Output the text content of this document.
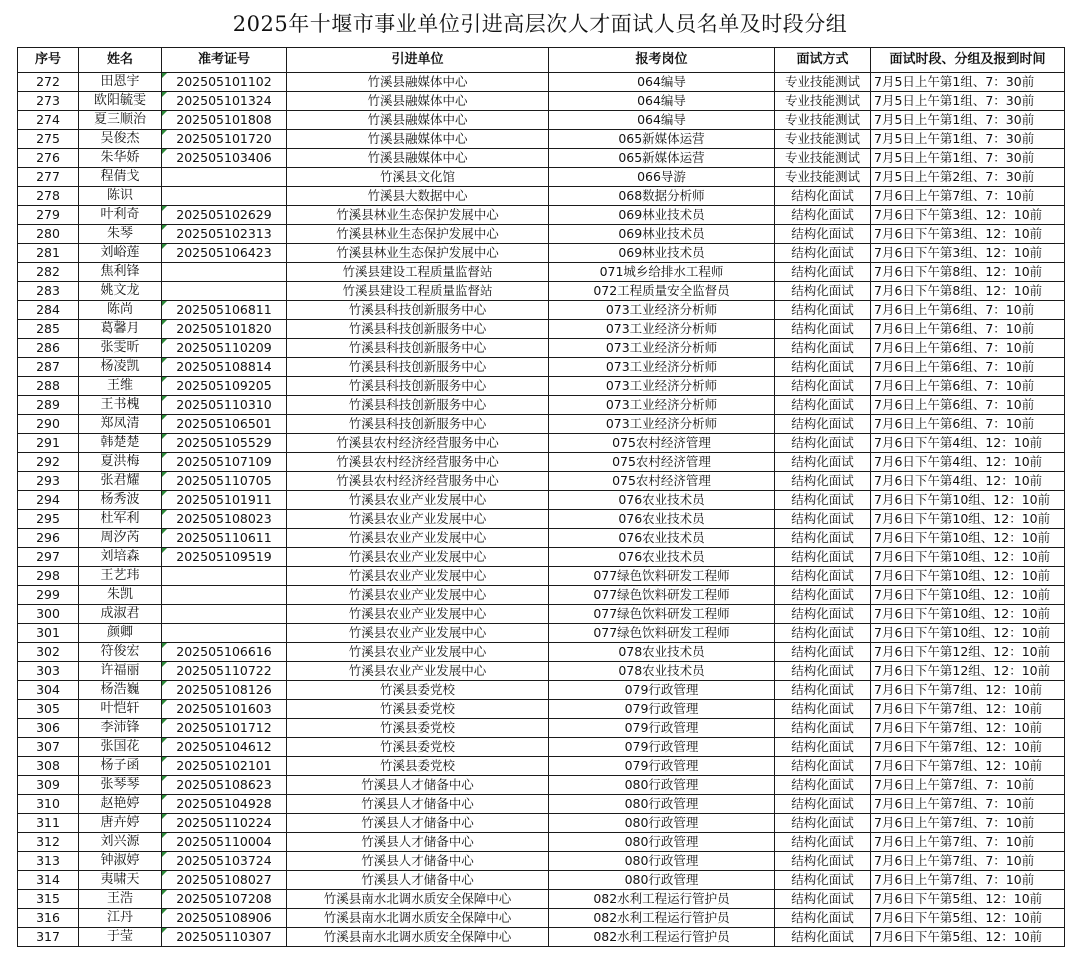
2025年十堰市事业单位引进高层次人才面试人员名单及时段分组
序号	姓名	准考证号	引进单位	报考岗位	面试方式	面试时段、分组及报到时间
272	田恩宇	202505101102	竹溪县融媒体中心	064编导	专业技能测试	7月5日上午第1组、7：30前
273	欧阳毓雯	202505101324	竹溪县融媒体中心	064编导	专业技能测试	7月5日上午第1组、7：30前
274	夏三顺治	202505101808	竹溪县融媒体中心	064编导	专业技能测试	7月5日上午第1组、7：30前
275	吴俊杰	202505101720	竹溪县融媒体中心	065新媒体运营	专业技能测试	7月5日上午第1组、7：30前
276	朱华娇	202505103406	竹溪县融媒体中心	065新媒体运营	专业技能测试	7月5日上午第1组、7：30前
277	程倩戈		竹溪县文化馆	066导游	专业技能测试	7月5日上午第2组、7：30前
278	陈识		竹溪县大数据中心	068数据分析师	结构化面试	7月6日上午第7组、7：10前
279	叶利奇	202505102629	竹溪县林业生态保护发展中心	069林业技术员	结构化面试	7月6日下午第3组、12：10前
280	朱琴	202505102313	竹溪县林业生态保护发展中心	069林业技术员	结构化面试	7月6日下午第3组、12：10前
281	刘峪莲	202505106423	竹溪县林业生态保护发展中心	069林业技术员	结构化面试	7月6日下午第3组、12：10前
282	焦利锋		竹溪县建设工程质量监督站	071城乡给排水工程师	结构化面试	7月6日下午第8组、12：10前
283	姚文龙		竹溪县建设工程质量监督站	072工程质量安全监督员	结构化面试	7月6日下午第8组、12：10前
284	陈尚	202505106811	竹溪县科技创新服务中心	073工业经济分析师	结构化面试	7月6日上午第6组、7：10前
285	葛馨月	202505101820	竹溪县科技创新服务中心	073工业经济分析师	结构化面试	7月6日上午第6组、7：10前
286	张雯昕	202505110209	竹溪县科技创新服务中心	073工业经济分析师	结构化面试	7月6日上午第6组、7：10前
287	杨凌凯	202505108814	竹溪县科技创新服务中心	073工业经济分析师	结构化面试	7月6日上午第6组、7：10前
288	王维	202505109205	竹溪县科技创新服务中心	073工业经济分析师	结构化面试	7月6日上午第6组、7：10前
289	王书槐	202505110310	竹溪县科技创新服务中心	073工业经济分析师	结构化面试	7月6日上午第6组、7：10前
290	郑凤清	202505106501	竹溪县科技创新服务中心	073工业经济分析师	结构化面试	7月6日上午第6组、7：10前
291	韩楚楚	202505105529	竹溪县农村经济经营服务中心	075农村经济管理	结构化面试	7月6日下午第4组、12：10前
292	夏洪梅	202505107109	竹溪县农村经济经营服务中心	075农村经济管理	结构化面试	7月6日下午第4组、12：10前
293	张君耀	202505110705	竹溪县农村经济经营服务中心	075农村经济管理	结构化面试	7月6日下午第4组、12：10前
294	杨秀波	202505101911	竹溪县农业产业发展中心	076农业技术员	结构化面试	7月6日下午第10组、12：10前
295	杜军利	202505108023	竹溪县农业产业发展中心	076农业技术员	结构化面试	7月6日下午第10组、12：10前
296	周汐芮	202505110611	竹溪县农业产业发展中心	076农业技术员	结构化面试	7月6日下午第10组、12：10前
297	刘培森	202505109519	竹溪县农业产业发展中心	076农业技术员	结构化面试	7月6日下午第10组、12：10前
298	王艺玮		竹溪县农业产业发展中心	077绿色饮料研发工程师	结构化面试	7月6日下午第10组、12：10前
299	朱凯		竹溪县农业产业发展中心	077绿色饮料研发工程师	结构化面试	7月6日下午第10组、12：10前
300	成淑君		竹溪县农业产业发展中心	077绿色饮料研发工程师	结构化面试	7月6日下午第10组、12：10前
301	颜卿		竹溪县农业产业发展中心	077绿色饮料研发工程师	结构化面试	7月6日下午第10组、12：10前
302	符俊宏	202505106616	竹溪县农业产业发展中心	078农业技术员	结构化面试	7月6日下午第12组、12：10前
303	许福丽	202505110722	竹溪县农业产业发展中心	078农业技术员	结构化面试	7月6日下午第12组、12：10前
304	杨浩巍	202505108126	竹溪县委党校	079行政管理	结构化面试	7月6日下午第7组、12：10前
305	叶恺轩	202505101603	竹溪县委党校	079行政管理	结构化面试	7月6日下午第7组、12：10前
306	李沛锋	202505101712	竹溪县委党校	079行政管理	结构化面试	7月6日下午第7组、12：10前
307	张国花	202505104612	竹溪县委党校	079行政管理	结构化面试	7月6日下午第7组、12：10前
308	杨子函	202505102101	竹溪县委党校	079行政管理	结构化面试	7月6日下午第7组、12：10前
309	张琴琴	202505108623	竹溪县人才储备中心	080行政管理	结构化面试	7月6日上午第7组、7：10前
310	赵艳婷	202505104928	竹溪县人才储备中心	080行政管理	结构化面试	7月6日上午第7组、7：10前
311	唐卉婷	202505110224	竹溪县人才储备中心	080行政管理	结构化面试	7月6日上午第7组、7：10前
312	刘兴源	202505110004	竹溪县人才储备中心	080行政管理	结构化面试	7月6日上午第7组、7：10前
313	钟淑婷	202505103724	竹溪县人才储备中心	080行政管理	结构化面试	7月6日上午第7组、7：10前
314	夷啸天	202505108027	竹溪县人才储备中心	080行政管理	结构化面试	7月6日上午第7组、7：10前
315	王浩	202505107208	竹溪县南水北调水质安全保障中心	082水利工程运行管护员	结构化面试	7月6日下午第5组、12：10前
316	江丹	202505108906	竹溪县南水北调水质安全保障中心	082水利工程运行管护员	结构化面试	7月6日下午第5组、12：10前
317	于莹	202505110307	竹溪县南水北调水质安全保障中心	082水利工程运行管护员	结构化面试	7月6日下午第5组、12：10前
